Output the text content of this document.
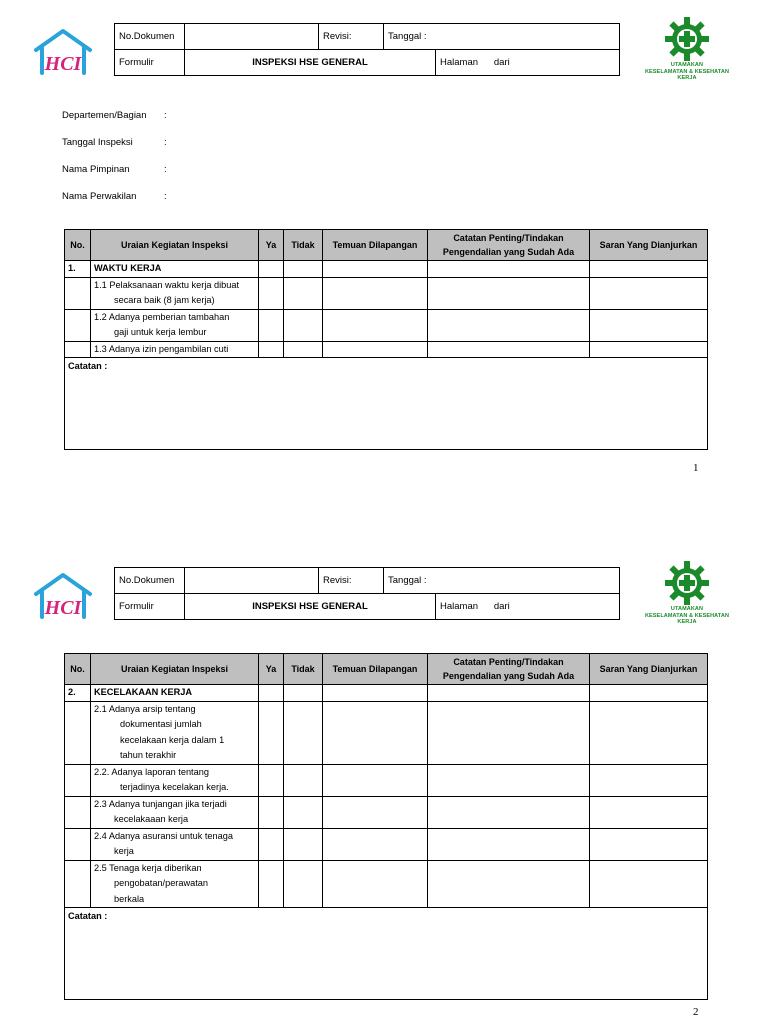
HCI
No.Dokumen		Revisi:	Tanggal :	
Formulir	INSPEKSI HSE GENERAL			Halaman dari	UTAMAKAN
KESELAMATAN & KESEHATAN KERJA
Departemen/Bagian :
Tanggal Inspeksi	:
Nama Pimpinan	:
Nama Perwakilan	:
No.	Uraian Kegiatan Inspeksi	Ya	Tidak	Temuan Dilapangan	Catatan Penting/Tindakan Pengendalian yang Sudah Ada	Saran Yang Dianjurkan
1.	WAKTU KERJA					

	1.1 Pelaksanaan waktu kerja dibuat
secara baik (8 jam kerja)					

	1.2 Adanya pemberian tambahan
gaji untuk kerja lembur					

	1.3 Adanya izin pengambilan cuti					

Catatan :						
1
HCI
No.Dokumen		Revisi:	Tanggal :	
Formulir	INSPEKSI HSE GENERAL			Halaman dari	UTAMAKAN
KESELAMATAN & KESEHATAN KERJA
No.	Uraian Kegiatan Inspeksi	Ya	Tidak	Temuan Dilapangan	Catatan Penting/Tindakan Pengendalian yang Sudah Ada	Saran Yang Dianjurkan
2.	KECELAKAAN KERJA					

	2.1 Adanya arsip tentang
dokumentasi jumlah
kecelakaan kerja dalam 1
tahun terakhir					

	2.2. Adanya laporan tentang
terjadinya kecelakan kerja.					

	2.3 Adanya tunjangan jika terjadi
kecelakaaan kerja					

	2.4 Adanya asuransi untuk tenaga
kerja					

	2.5 Tenaga kerja diberikan
pengobatan/perawatan
berkala					

Catatan :						
2
